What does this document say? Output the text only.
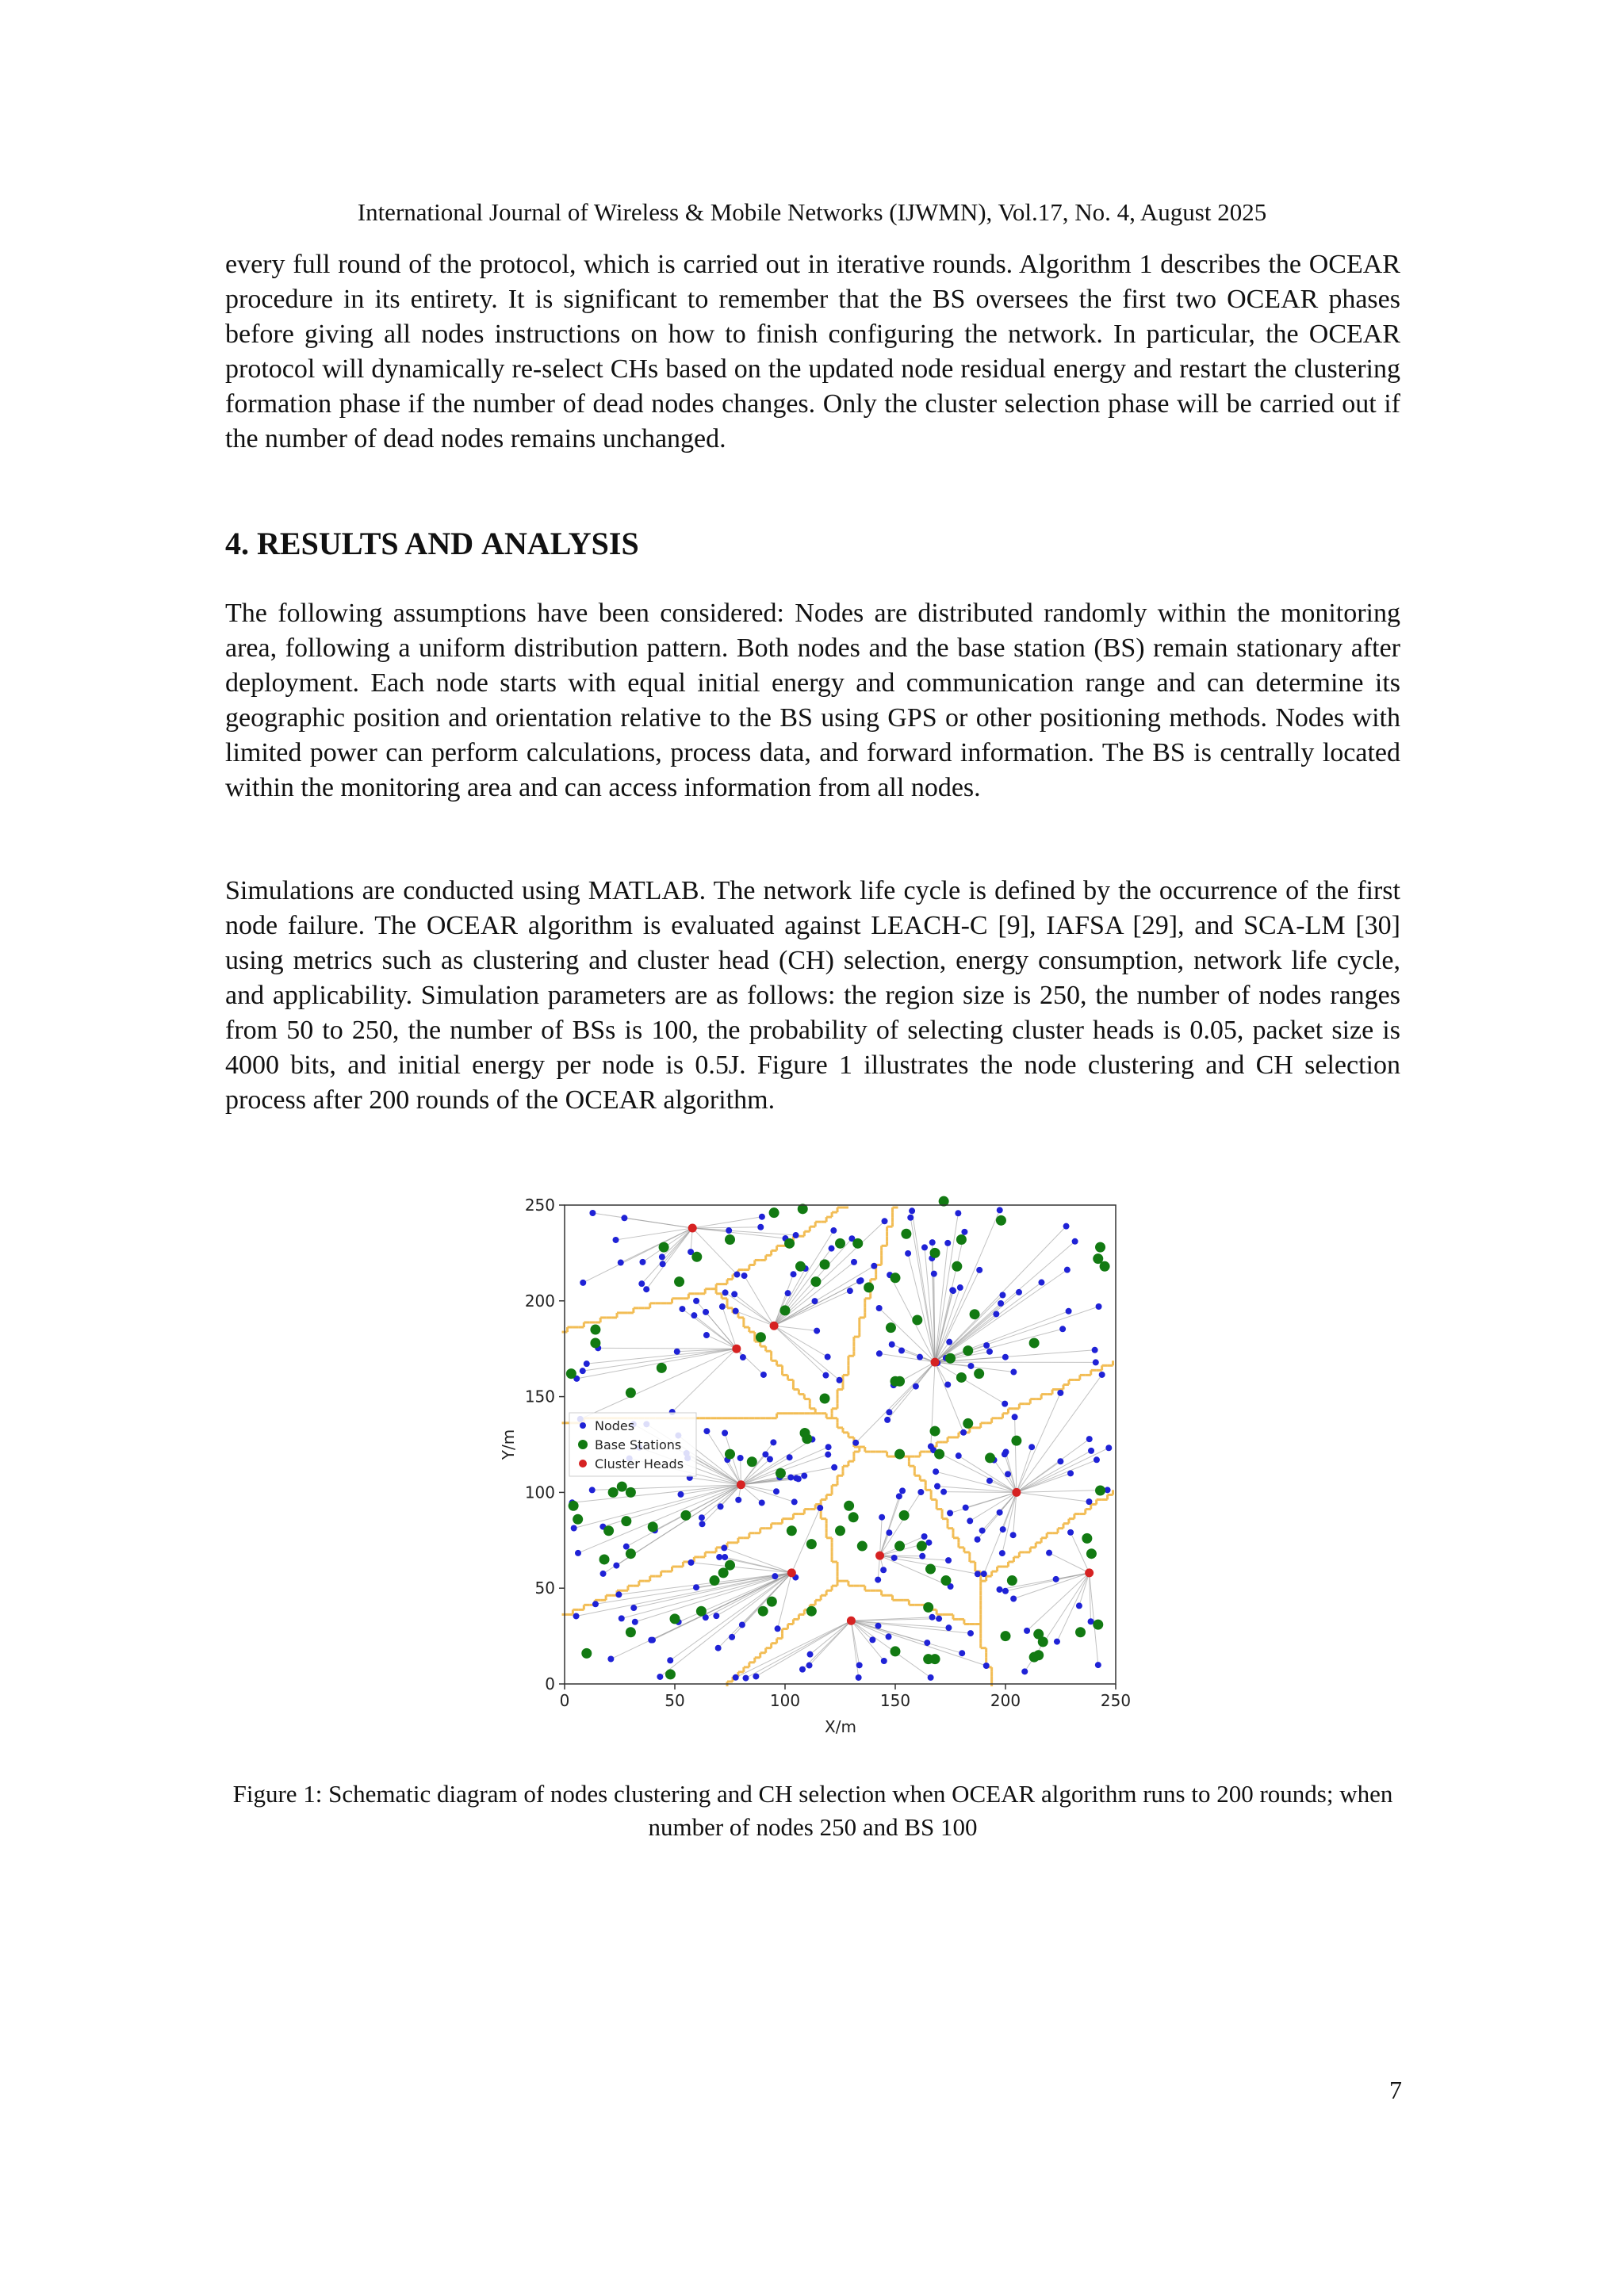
International Journal of Wireless & Mobile Networks (IJWMN), Vol.17, No. 4, August 2025

every full round of the protocol, which is carried out in iterative rounds. Algorithm 1 describes the OCEAR procedure in its entirety. It is significant to remember that the BS oversees the first two OCEAR phases before giving all nodes instructions on how to finish configuring the network. In particular, the OCEAR protocol will dynamically re-select CHs based on the updated node residual energy and restart the clustering formation phase if the number of dead nodes changes. Only the cluster selection phase will be carried out if the number of dead nodes remains unchanged.

4. RESULTS AND ANALYSIS

The following assumptions have been considered: Nodes are distributed randomly within the monitoring area, following a uniform distribution pattern. Both nodes and the base station (BS) remain stationary after deployment. Each node starts with equal initial energy and communication range and can determine its geographic position and orientation relative to the BS using GPS or other positioning methods. Nodes with limited power can perform calculations, process data, and forward information. The BS is centrally located within the monitoring area and can access information from all nodes.

Simulations are conducted using MATLAB. The network life cycle is defined by the occurrence of the first node failure. The OCEAR algorithm is evaluated against LEACH-C [9], IAFSA [29], and SCA-LM [30] using metrics such as clustering and cluster head (CH) selection, energy consumption, network life cycle, and applicability. Simulation parameters are as follows: the region size is 250, the number of nodes ranges from 50 to 250, the number of BSs is 100, the probability of selecting cluster heads is 0.05, packet size is 4000 bits, and initial energy per node is 0.5J. Figure 1 illustrates the node clustering and CH selection process after 200 rounds of the OCEAR algorithm.

0	50	100	150	200	250
0
50
100
150
200
250
X/m
Y/m
Nodes
Base Stations
Cluster Heads
Figure 1: Schematic diagram of nodes clustering and CH selection when OCEAR algorithm runs to 200 rounds; when number of nodes 250 and BS 100
7
